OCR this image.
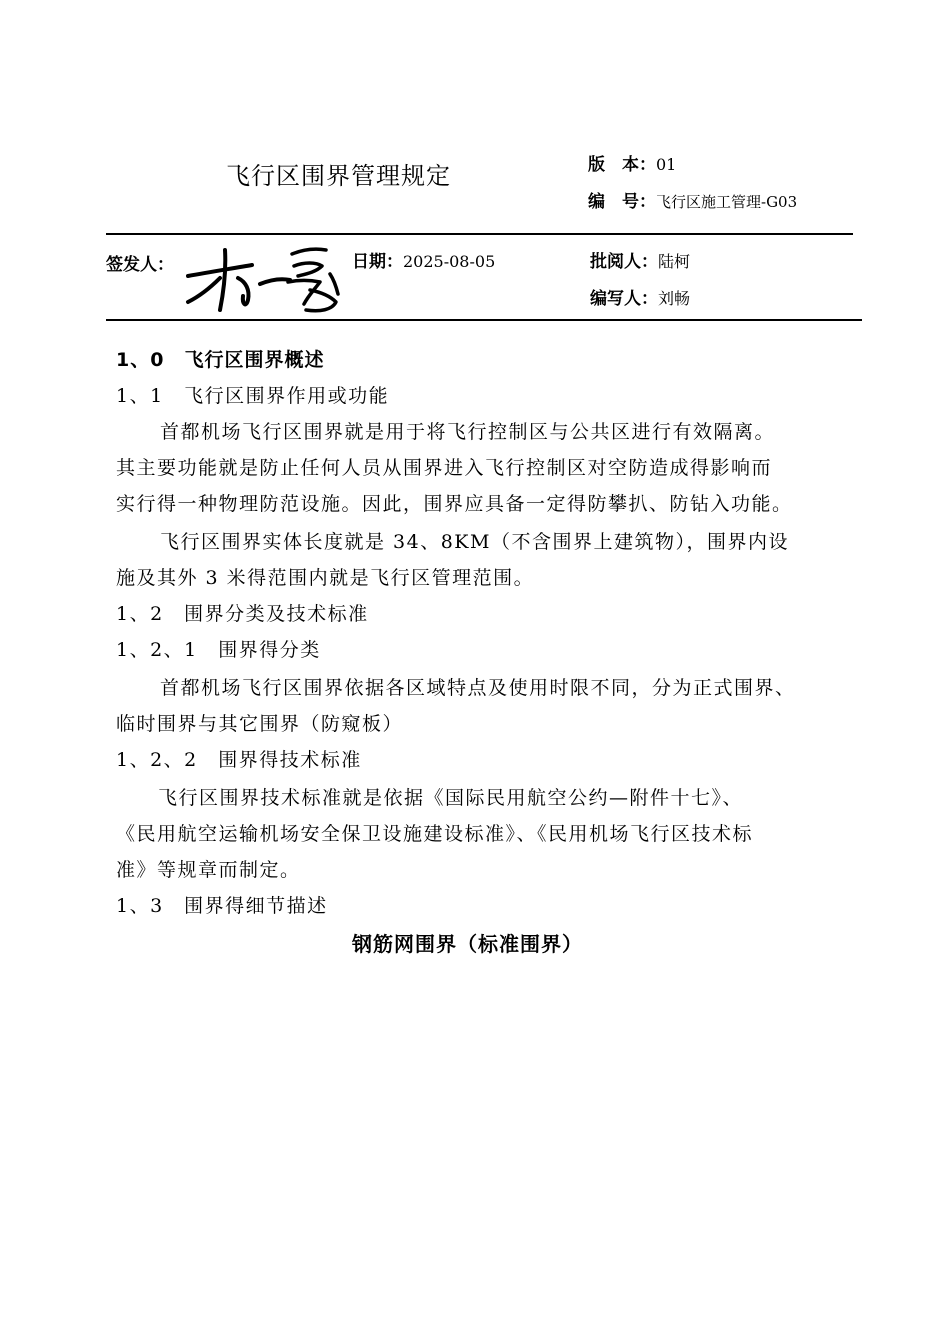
飞行区围界管理规定	版　本：01
编　号：飞行区施工管理-G03
签发人：	日期：2025-08-05	批阅人：陆柯
编写人：刘畅
1、0　飞行区围界概述
1、1　飞行区围界作用或功能
首都机场飞行区围界就是用于将飞行控制区与公共区进行有效隔离。
其主要功能就是防止任何人员从围界进入飞行控制区对空防造成得影响而
实行得一种物理防范设施。因此，围界应具备一定得防攀扒、防钻入功能。
飞行区围界实体长度就是 34、8KM（不含围界上建筑物），围界内设
施及其外 3 米得范围内就是飞行区管理范围。
1、2　围界分类及技术标准
1、2、1　围界得分类
首都机场飞行区围界依据各区域特点及使用时限不同，分为正式围界、
临时围界与其它围界（防窥板）
1、2、2　围界得技术标准
飞行区围界技术标准就是依据《国际民用航空公约—附件十七》、
《民用航空运输机场安全保卫设施建设标准》、《民用机场飞行区技术标
准》等规章而制定。
1、3　围界得细节描述
钢筋网围界（标准围界）
